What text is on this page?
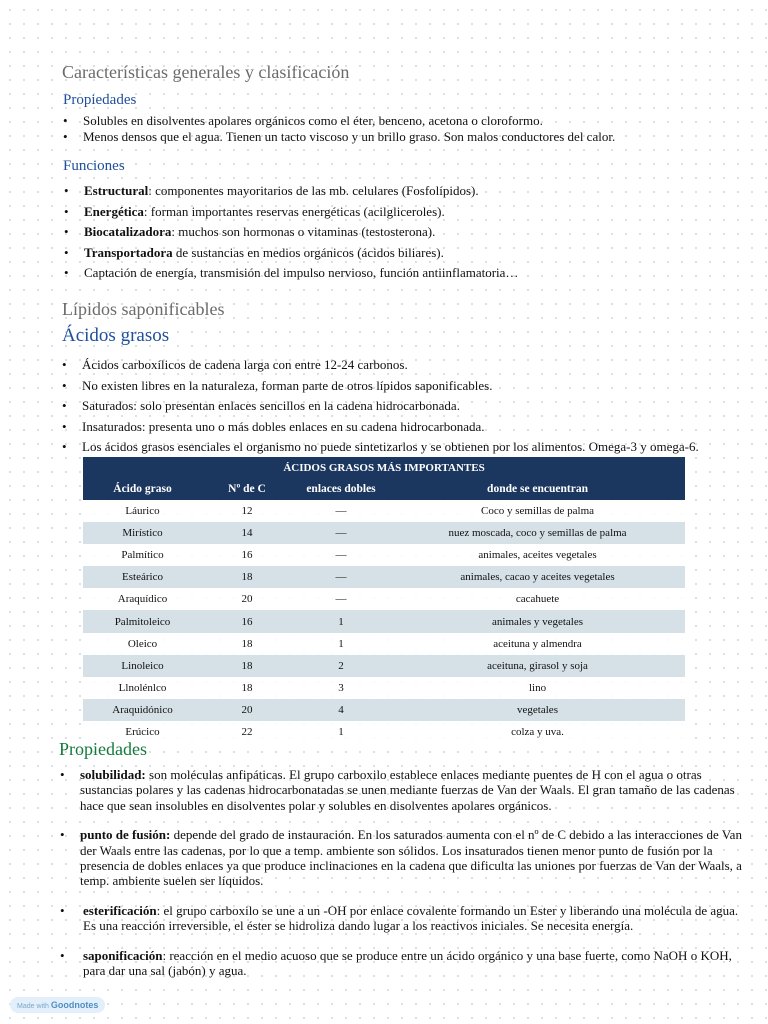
Características generales y clasificación
Propiedades
• Solubles en disolventes apolares orgánicos como el éter, benceno, acetona o cloroformo.
• Menos densos que el agua. Tienen un tacto viscoso y un brillo graso. Son malos conductores del calor.
Funciones
• Estructural: componentes mayoritarios de las mb. celulares (Fosfolípidos).
• Energética: forman importantes reservas energéticas (acilgliceroles).
• Biocatalizadora: muchos son hormonas o vitaminas (testosterona).
• Transportadora de sustancias en medios orgánicos (ácidos biliares).
• Captación de energía, transmisión del impulso nervioso, función antiinflamatoria…
Lípidos saponificables
Ácidos grasos
• Ácidos carboxílicos de cadena larga con entre 12-24 carbonos.
• No existen libres en la naturaleza, forman parte de otros lípidos saponificables.
• Saturados: solo presentan enlaces sencillos en la cadena hidrocarbonada.
• Insaturados: presenta uno o más dobles enlaces en su cadena hidrocarbonada.
• Los ácidos grasos esenciales el organismo no puede sintetizarlos y se obtienen por los alimentos. Omega-3 y omega-6.
ÁCIDOS GRASOS MÁS IMPORTANTES			
Ácido graso	Nº de C	enlaces dobles	donde se encuentran
Láurico	12	—	Coco y semillas de palma
Mirístico	14	—	nuez moscada, coco y semillas de palma
Palmítico	16	—	animales, aceites vegetales
Esteárico	18	—	animales, cacao y aceites vegetales
Araquídico	20	—	cacahuete
Palmitoleico	16	1	animales y vegetales
Oleico	18	1	aceituna y almendra
Linoleico	18	2	aceituna, girasol y soja
Llnolénlco	18	3	lino
Araquidónico	20	4	vegetales
Erúcico	22	1	colza y uva.
Propiedades
• solubilidad: son moléculas anfipáticas. El grupo carboxilo establece enlaces mediante puentes de H con el agua o otras sustancias polares y las cadenas hidrocarbonatadas se unen mediante fuerzas de Van der Waals. El gran tamaño de las cadenas hace que sean insolubles en disolventes polar y solubles en disolventes apolares orgánicos.
• punto de fusión: depende del grado de instauración. En los saturados aumenta con el nº de C debido a las interacciones de Van der Waals entre las cadenas, por lo que a temp. ambiente son sólidos. Los insaturados tienen menor punto de fusión por la presencia de dobles enlaces ya que produce inclinaciones en la cadena que dificulta las uniones por fuerzas de Van der Waals, a temp. ambiente suelen ser líquidos.
• esterificación: el grupo carboxilo se une a un -OH por enlace covalente formando un Ester y liberando una molécula de agua. Es una reacción irreversible, el éster se hidroliza dando lugar a los reactivos iniciales. Se necesita energía.
• saponificación: reacción en el medio acuoso que se produce entre un ácido orgánico y una base fuerte, como NaOH o KOH, para dar una sal (jabón) y agua.
Made with Goodnotes
